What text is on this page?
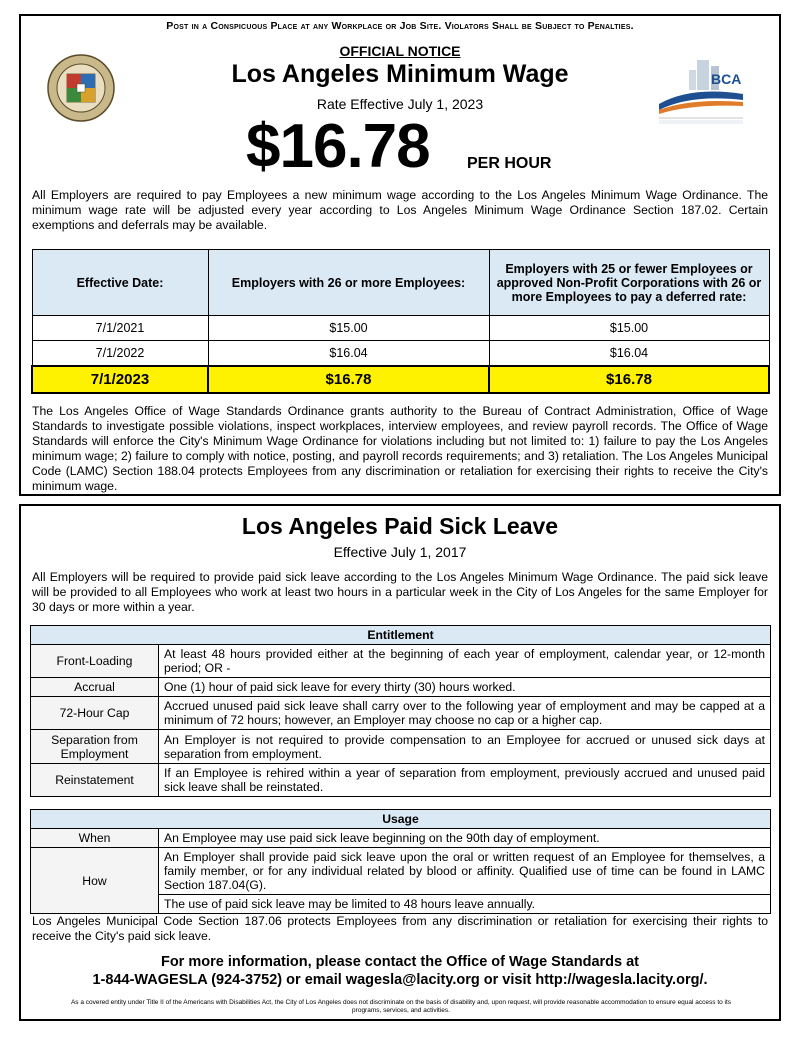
Post in a Conspicuous Place at any Workplace or Job Site. Violators Shall be Subject to Penalties.
OFFICIAL NOTICE
Los Angeles Minimum Wage
Rate Effective July 1, 2023
$16.78 PER HOUR
BCA
All Employers are required to pay Employees a new minimum wage according to the Los Angeles Minimum Wage Ordinance. The minimum wage rate will be adjusted every year according to Los Angeles Minimum Wage Ordinance Section 187.02. Certain exemptions and deferrals may be available.
Effective Date:	Employers with 26 or more Employees:	Employers with 25 or fewer Employees or approved Non-Profit Corporations with 26 or more Employees to pay a deferred rate:
7/1/2021	$15.00	$15.00
7/1/2022	$16.04	$16.04
7/1/2023	$16.78	$16.78
The Los Angeles Office of Wage Standards Ordinance grants authority to the Bureau of Contract Administration, Office of Wage Standards to investigate possible violations, inspect workplaces, interview employees, and review payroll records. The Office of Wage Standards will enforce the City's Minimum Wage Ordinance for violations including but not limited to: 1) failure to pay the Los Angeles minimum wage; 2) failure to comply with notice, posting, and payroll records requirements; and 3) retaliation. The Los Angeles Municipal Code (LAMC) Section 188.04 protects Employees from any discrimination or retaliation for exercising their rights to receive the City's minimum wage.
Los Angeles Paid Sick Leave
Effective July 1, 2017
All Employers will be required to provide paid sick leave according to the Los Angeles Minimum Wage Ordinance. The paid sick leave will be provided to all Employees who work at least two hours in a particular week in the City of Los Angeles for the same Employer for 30 days or more within a year.
Entitlement	
Front-Loading	At least 48 hours provided either at the beginning of each year of employment, calendar year, or 12-month period; OR -
Accrual	One (1) hour of paid sick leave for every thirty (30) hours worked.
72-Hour Cap	Accrued unused paid sick leave shall carry over to the following year of employment and may be capped at a minimum of 72 hours; however, an Employer may choose no cap or a higher cap.
Separation from Employment	An Employer is not required to provide compensation to an Employee for accrued or unused sick days at separation from employment.
Reinstatement	If an Employee is rehired within a year of separation from employment, previously accrued and unused paid sick leave shall be reinstated.
Usage	
When	An Employee may use paid sick leave beginning on the 90th day of employment.
How	An Employer shall provide paid sick leave upon the oral or written request of an Employee for themselves, a family member, or for any individual related by blood or affinity. Qualified use of time can be found in LAMC Section 187.04(G).
	The use of paid sick leave may be limited to 48 hours leave annually.
Los Angeles Municipal Code Section 187.06 protects Employees from any discrimination or retaliation for exercising their rights to receive the City's paid sick leave.
For more information, please contact the Office of Wage Standards at
1-844-WAGESLA (924-3752) or email wagesla@lacity.org or visit http://wagesla.lacity.org/.
As a covered entity under Title II of the Americans with Disabilities Act, the City of Los Angeles does not discriminate on the basis of disability and, upon request, will provide reasonable accommodation to ensure equal access to its programs, services, and activities.
